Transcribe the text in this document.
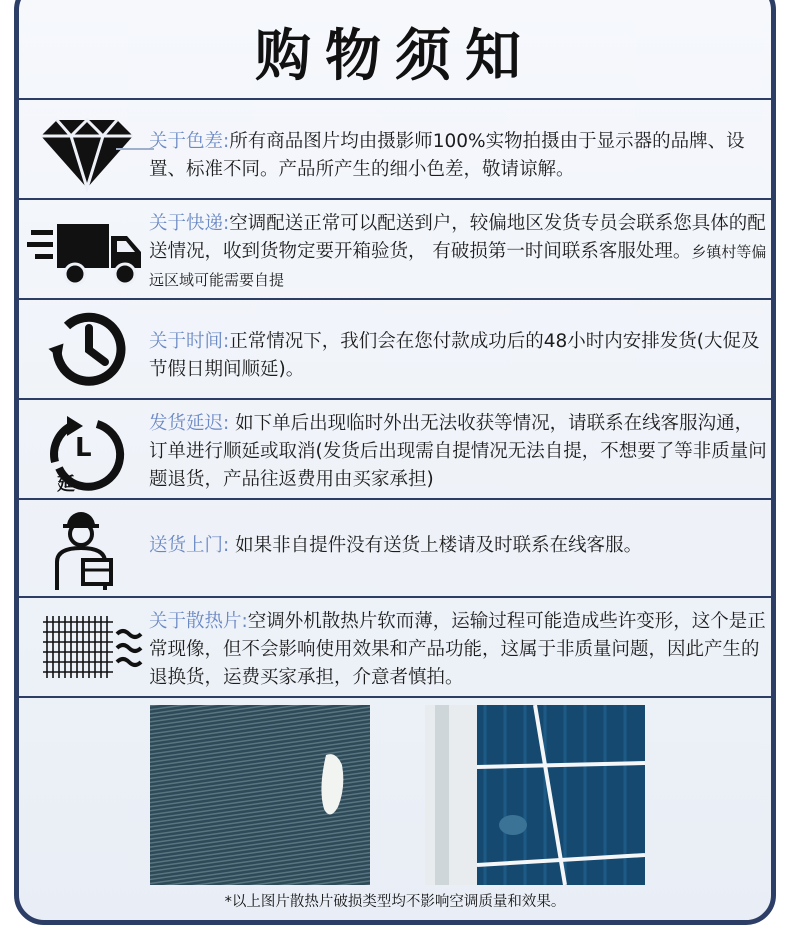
购物须知
关于色差:所有商品图片均由摄影师100%实物拍摄由于显示器的品牌、设置、标准不同。产品所产生的细小色差，敬请谅解。
关于快递:空调配送正常可以配送到户，较偏地区发货专员会联系您具体的配送情况，收到货物定要开箱验货， 有破损第一时间联系客服处理。乡镇村等偏远区域可能需要自提
关于时间:正常情况下，我们会在您付款成功后的48小时内安排发货(大促及节假日期间顺延)。
L
延
发货延迟: 如下单后出现临时外出无法收获等情况，请联系在线客服沟通，订单进行顺延或取消(发货后出现需自提情况无法自提，不想要了等非质量问题退货，产品往返费用由买家承担)
送货上门: 如果非自提件没有送货上楼请及时联系在线客服。
关于散热片:空调外机散热片软而薄，运输过程可能造成些许变形，这个是正常现像，但不会影响使用效果和产品功能，这属于非质量问题，因此产生的退换货，运费买家承担，介意者慎拍。
*以上图片散热片破损类型均不影响空调质量和效果。
